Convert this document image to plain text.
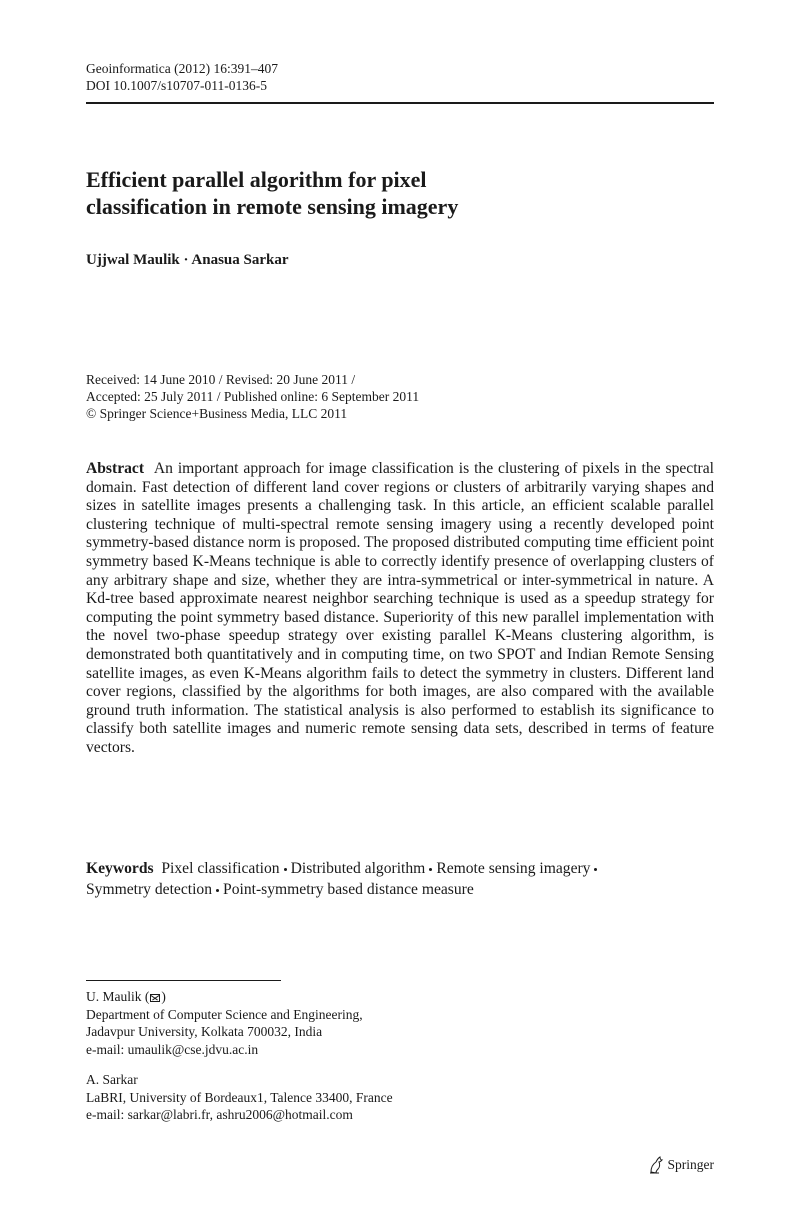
Geoinformatica (2012) 16:391–407
DOI 10.1007/s10707-011-0136-5
Efficient parallel algorithm for pixel
classification in remote sensing imagery
Ujjwal Maulik · Anasua Sarkar
Received: 14 June 2010 / Revised: 20 June 2011 /
Accepted: 25 July 2011 / Published online: 6 September 2011
© Springer Science+Business Media, LLC 2011

Abstract An important approach for image classification is the clustering of pixels in the spectral domain. Fast detection of different land cover regions or clusters of arbitrarily varying shapes and sizes in satellite images presents a challenging task. In this article, an efficient scalable parallel clustering technique of multi-spectral remote sensing imagery using a recently developed point symmetry-based distance norm is proposed. The proposed distributed computing time efficient point symmetry based K-Means technique is able to correctly identify presence of overlapping clusters of any arbitrary shape and size, whether they are intra-symmetrical or inter-symmetrical in nature. A Kd-tree based approximate nearest neighbor searching technique is used as a speedup strategy for computing the point symmetry based distance. Superiority of this new parallel implementation with the novel two-phase speedup strategy over existing parallel K-Means clustering algorithm, is demonstrated both quantitatively and in computing time, on two SPOT and Indian Remote Sensing satellite images, as even K-Means algorithm fails to detect the symmetry in clusters. Different land cover regions, classified by the algorithms for both images, are also compared with the available ground truth information. The statistical analysis is also performed to establish its significance to classify both satellite images and numeric remote sensing data sets, described in terms of feature vectors.

Keywords Pixel classification Distributed algorithm Remote sensing imagery
Symmetry detection Point-symmetry based distance measure

U. Maulik ( )
Department of Computer Science and Engineering,
Jadavpur University, Kolkata 700032, India
e-mail: umaulik@cse.jdvu.ac.in
A. Sarkar
LaBRI, University of Bordeaux1, Talence 33400, France
e-mail: sarkar@labri.fr, ashru2006@hotmail.com
Springer
